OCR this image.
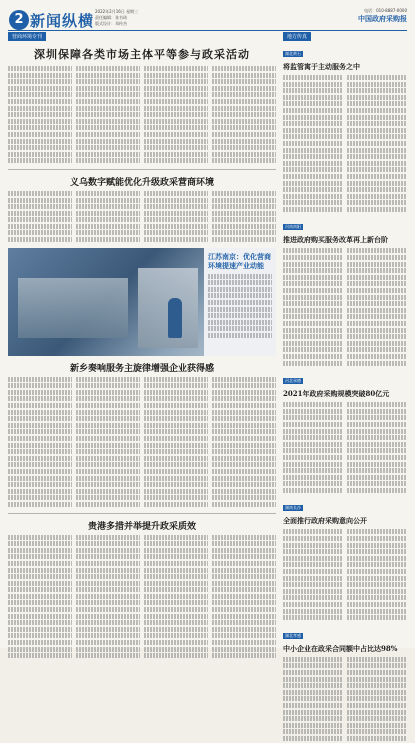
2 新闻纵横
2022年2月16日 星期三
责任编辑：张书琦
版式设计：邓传杰
电话：010-8887-0000
中国政府采购报
营商环境专刊	地方传真
深圳保障各类市场主体平等参与政采活动
义乌数字赋能优化升级政采营商环境
江苏南京：优化营商环境提速产业动能
新乡奏响服务主旋律增强企业获得感
贵港多措并举提升政采质效
湖北黄石
将监管寓于主动服务之中
河南南阳
推进政府购买服务改革再上新台阶
河北承德
2021年政府采购规模突破80亿元
湖南长沙
全面推行政府采购意向公开
湖北孝感
中小企业在政采合同额中占比达98%
